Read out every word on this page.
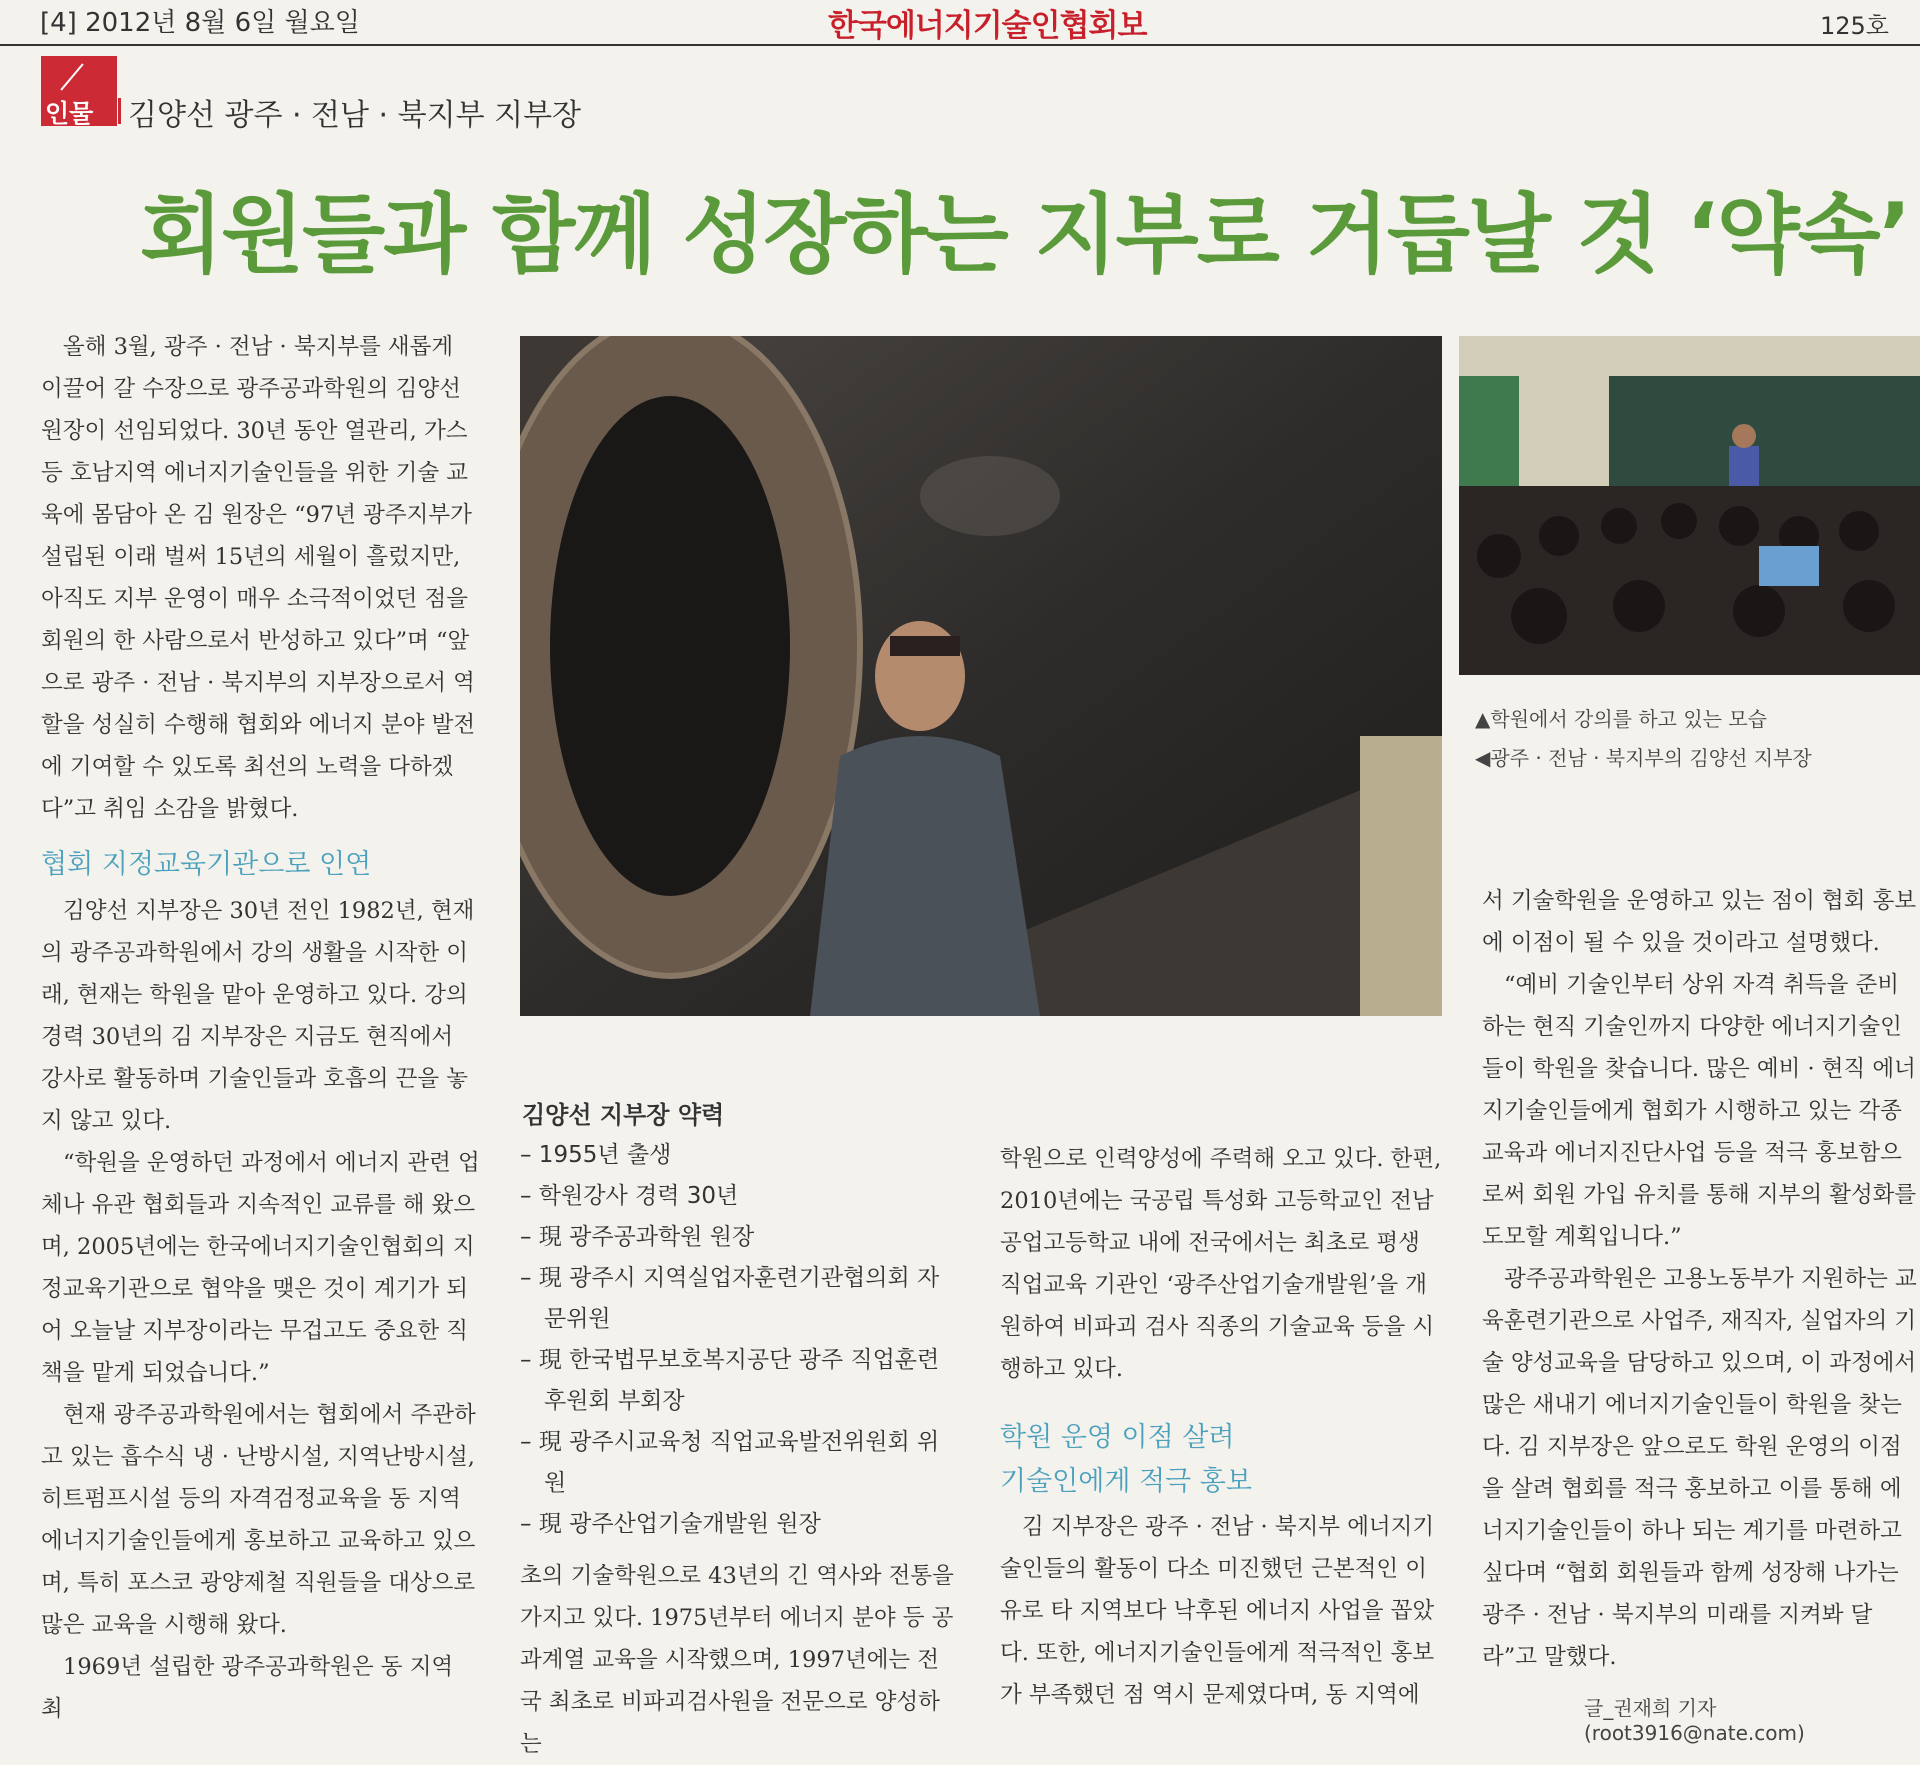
[4] 2012년 8월 6일 월요일	한국에너지기술인협회보	125호
인물 김양선 광주 · 전남 · 북지부 지부장
회원들과 함께 성장하는 지부로 거듭날 것 ‘약속’

올해 3월, 광주 · 전남 · 북지부를 새롭게 이끌어 갈 수장으로 광주공과학원의 김양선 원장이 선임되었다. 30년 동안 열관리, 가스 등 호남지역 에너지기술인들을 위한 기술 교육에 몸담아 온 김 원장은 “97년 광주지부가 설립된 이래 벌써 15년의 세월이 흘렀지만, 아직도 지부 운영이 매우 소극적이었던 점을 회원의 한 사람으로서 반성하고 있다”며 “앞으로 광주 · 전남 · 북지부의 지부장으로서 역할을 성실히 수행해 협회와 에너지 분야 발전에 기여할 수 있도록 최선의 노력을 다하겠다”고 취임 소감을 밝혔다.

협회 지정교육기관으로 인연

김양선 지부장은 30년 전인 1982년, 현재의 광주공과학원에서 강의 생활을 시작한 이래, 현재는 학원을 맡아 운영하고 있다. 강의 경력 30년의 김 지부장은 지금도 현직에서 강사로 활동하며 기술인들과 호흡의 끈을 놓지 않고 있다.

“학원을 운영하던 과정에서 에너지 관련 업체나 유관 협회들과 지속적인 교류를 해 왔으며, 2005년에는 한국에너지기술인협회의 지정교육기관으로 협약을 맺은 것이 계기가 되어 오늘날 지부장이라는 무겁고도 중요한 직책을 맡게 되었습니다.”

현재 광주공과학원에서는 협회에서 주관하고 있는 흡수식 냉 · 난방시설, 지역난방시설, 히트펌프시설 등의 자격검정교육을 동 지역 에너지기술인들에게 홍보하고 교육하고 있으며, 특히 포스코 광양제철 직원들을 대상으로 많은 교육을 시행해 왔다.

1969년 설립한 광주공과학원은 동 지역 최

김양선 지부장 약력
– 1955년 출생
– 학원강사 경력 30년
– 現 광주공과학원 원장
– 現 광주시 지역실업자훈련기관협의회 자문위원
– 現 한국법무보호복지공단 광주 직업훈련후원회 부회장
– 現 광주시교육청 직업교육발전위원회 위원
– 現 광주산업기술개발원 원장

초의 기술학원으로 43년의 긴 역사와 전통을 가지고 있다. 1975년부터 에너지 분야 등 공과계열 교육을 시작했으며, 1997년에는 전국 최초로 비파괴검사원을 전문으로 양성하는

학원으로 인력양성에 주력해 오고 있다. 한편, 2010년에는 국공립 특성화 고등학교인 전남공업고등학교 내에 전국에서는 최초로 평생 직업교육 기관인 ‘광주산업기술개발원’을 개원하여 비파괴 검사 직종의 기술교육 등을 시행하고 있다.

학원 운영 이점 살려
기술인에게 적극 홍보

김 지부장은 광주 · 전남 · 북지부 에너지기술인들의 활동이 다소 미진했던 근본적인 이유로 타 지역보다 낙후된 에너지 사업을 꼽았다. 또한, 에너지기술인들에게 적극적인 홍보가 부족했던 점 역시 문제였다며, 동 지역에

▲학원에서 강의를 하고 있는 모습
◀광주 · 전남 · 북지부의 김양선 지부장

서 기술학원을 운영하고 있는 점이 협회 홍보에 이점이 될 수 있을 것이라고 설명했다.

“예비 기술인부터 상위 자격 취득을 준비하는 현직 기술인까지 다양한 에너지기술인들이 학원을 찾습니다. 많은 예비 · 현직 에너지기술인들에게 협회가 시행하고 있는 각종 교육과 에너지진단사업 등을 적극 홍보함으로써 회원 가입 유치를 통해 지부의 활성화를 도모할 계획입니다.”

광주공과학원은 고용노동부가 지원하는 교육훈련기관으로 사업주, 재직자, 실업자의 기술 양성교육을 담당하고 있으며, 이 과정에서 많은 새내기 에너지기술인들이 학원을 찾는다. 김 지부장은 앞으로도 학원 운영의 이점을 살려 협회를 적극 홍보하고 이를 통해 에너지기술인들이 하나 되는 계기를 마련하고 싶다며 “협회 회원들과 함께 성장해 나가는 광주 · 전남 · 북지부의 미래를 지켜봐 달라”고 말했다.

글_권재희 기자 (root3916@nate.com)
